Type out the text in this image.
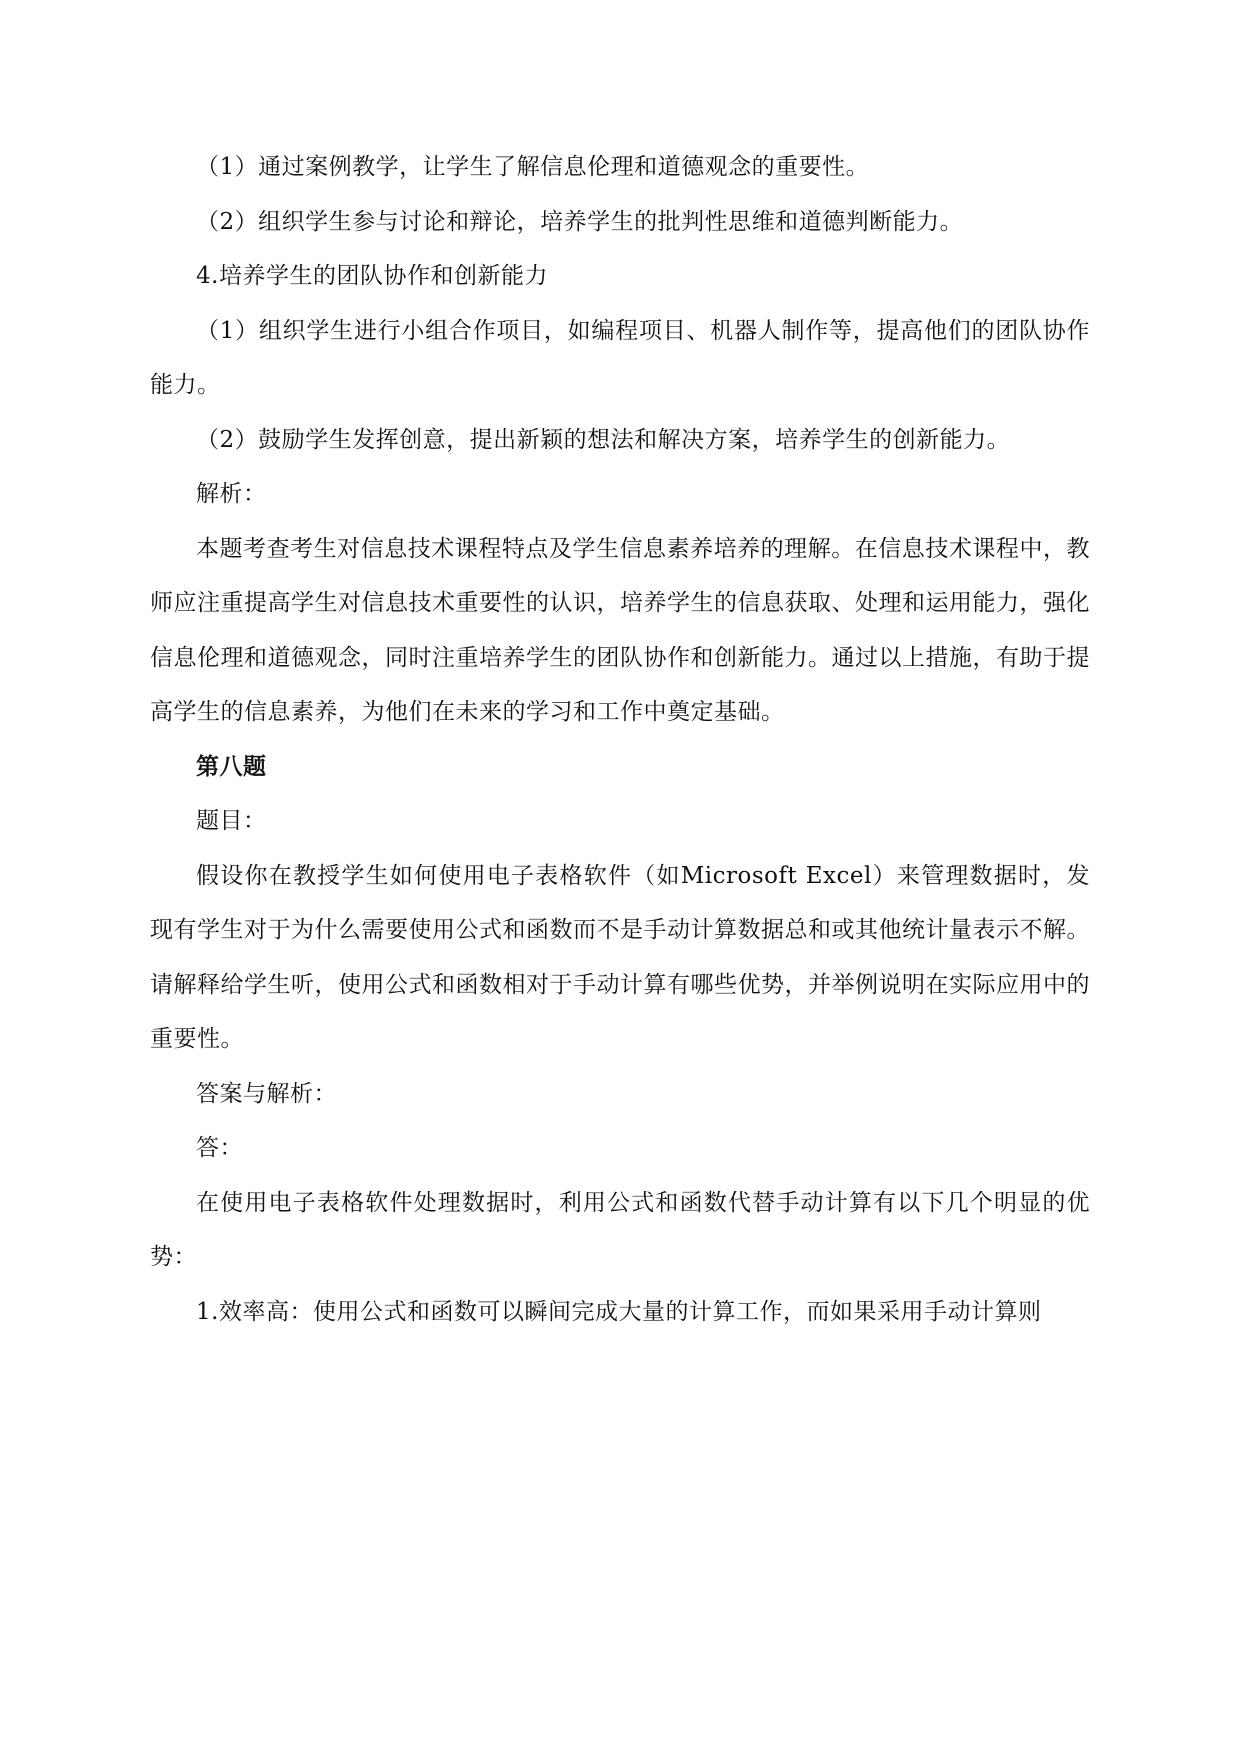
（1）通过案例教学，让学生了解信息伦理和道德观念的重要性。

（2）组织学生参与讨论和辩论，培养学生的批判性思维和道德判断能力。

4.培养学生的团队协作和创新能力

（1）组织学生进行小组合作项目，如编程项目、机器人制作等，提高他们的团队协作能力。

（2）鼓励学生发挥创意，提出新颖的想法和解决方案，培养学生的创新能力。

解析：

本题考查考生对信息技术课程特点及学生信息素养培养的理解。在信息技术课程中，教师应注重提高学生对信息技术重要性的认识，培养学生的信息获取、处理和运用能力，强化信息伦理和道德观念，同时注重培养学生的团队协作和创新能力。通过以上措施，有助于提高学生的信息素养，为他们在未来的学习和工作中奠定基础。

第八题

题目：

假设你在教授学生如何使用电子表格软件（如Microsoft Excel）来管理数据时，发现有学生对于为什么需要使用公式和函数而不是手动计算数据总和或其他统计量表示不解。请解释给学生听，使用公式和函数相对于手动计算有哪些优势，并举例说明在实际应用中的重要性。

答案与解析：

答：

在使用电子表格软件处理数据时，利用公式和函数代替手动计算有以下几个明显的优势：

1.效率高：使用公式和函数可以瞬间完成大量的计算工作，而如果采用手动计算则
